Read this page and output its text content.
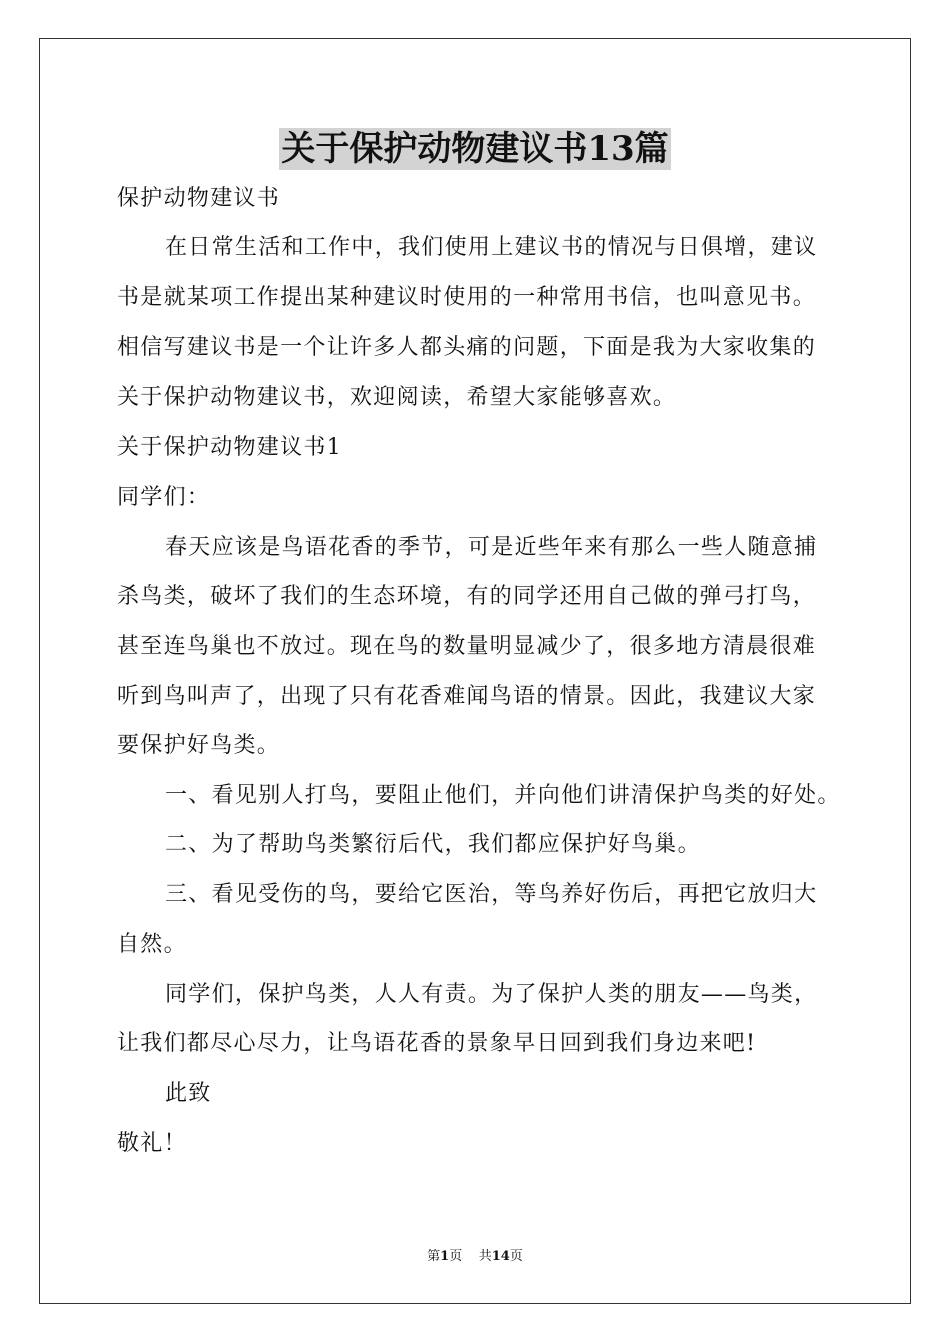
关于保护动物建议书13篇
保护动物建议书
在日常生活和工作中，我们使用上建议书的情况与日俱增，建议
书是就某项工作提出某种建议时使用的一种常用书信，也叫意见书。
相信写建议书是一个让许多人都头痛的问题，下面是我为大家收集的
关于保护动物建议书，欢迎阅读，希望大家能够喜欢。
关于保护动物建议书1
同学们：
春天应该是鸟语花香的季节，可是近些年来有那么一些人随意捕
杀鸟类，破坏了我们的生态环境，有的同学还用自己做的弹弓打鸟，
甚至连鸟巢也不放过。现在鸟的数量明显减少了，很多地方清晨很难
听到鸟叫声了，出现了只有花香难闻鸟语的情景。因此，我建议大家
要保护好鸟类。
一、看见别人打鸟，要阻止他们，并向他们讲清保护鸟类的好处。
二、为了帮助鸟类繁衍后代，我们都应保护好鸟巢。
三、看见受伤的鸟，要给它医治，等鸟养好伤后，再把它放归大
自然。
同学们，保护鸟类，人人有责。为了保护人类的朋友——鸟类，
让我们都尽心尽力，让鸟语花香的景象早日回到我们身边来吧!
此致
敬礼！
第1页 共14页
